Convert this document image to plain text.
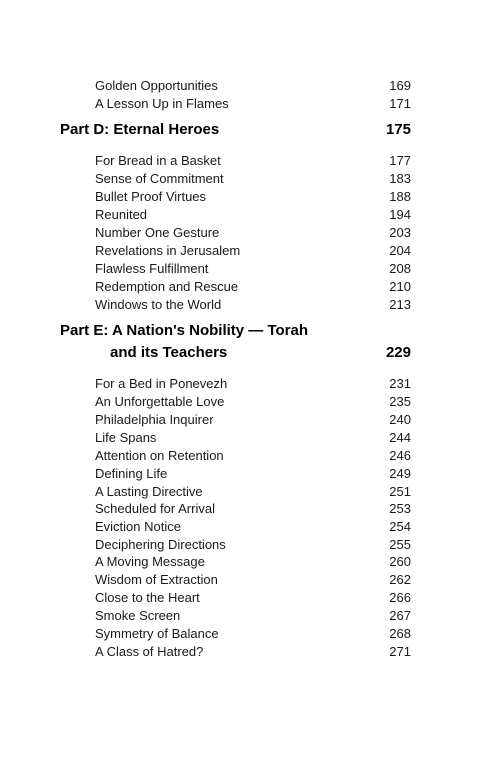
Golden Opportunities	169
A Lesson Up in Flames	171
Part D: Eternal Heroes	175
For Bread in a Basket	177
Sense of Commitment	183
Bullet Proof Virtues	188
Reunited	194
Number One Gesture	203
Revelations in Jerusalem	204
Flawless Fulfillment	208
Redemption and Rescue	210
Windows to the World	213
Part E: A Nation's Nobility — Torah
and its Teachers	229
For a Bed in Ponevezh	231
An Unforgettable Love	235
Philadelphia Inquirer	240
Life Spans	244
Attention on Retention	246
Defining Life	249
A Lasting Directive	251
Scheduled for Arrival	253
Eviction Notice	254
Deciphering Directions	255
A Moving Message	260
Wisdom of Extraction	262
Close to the Heart	266
Smoke Screen	267
Symmetry of Balance	268
A Class of Hatred?	271
